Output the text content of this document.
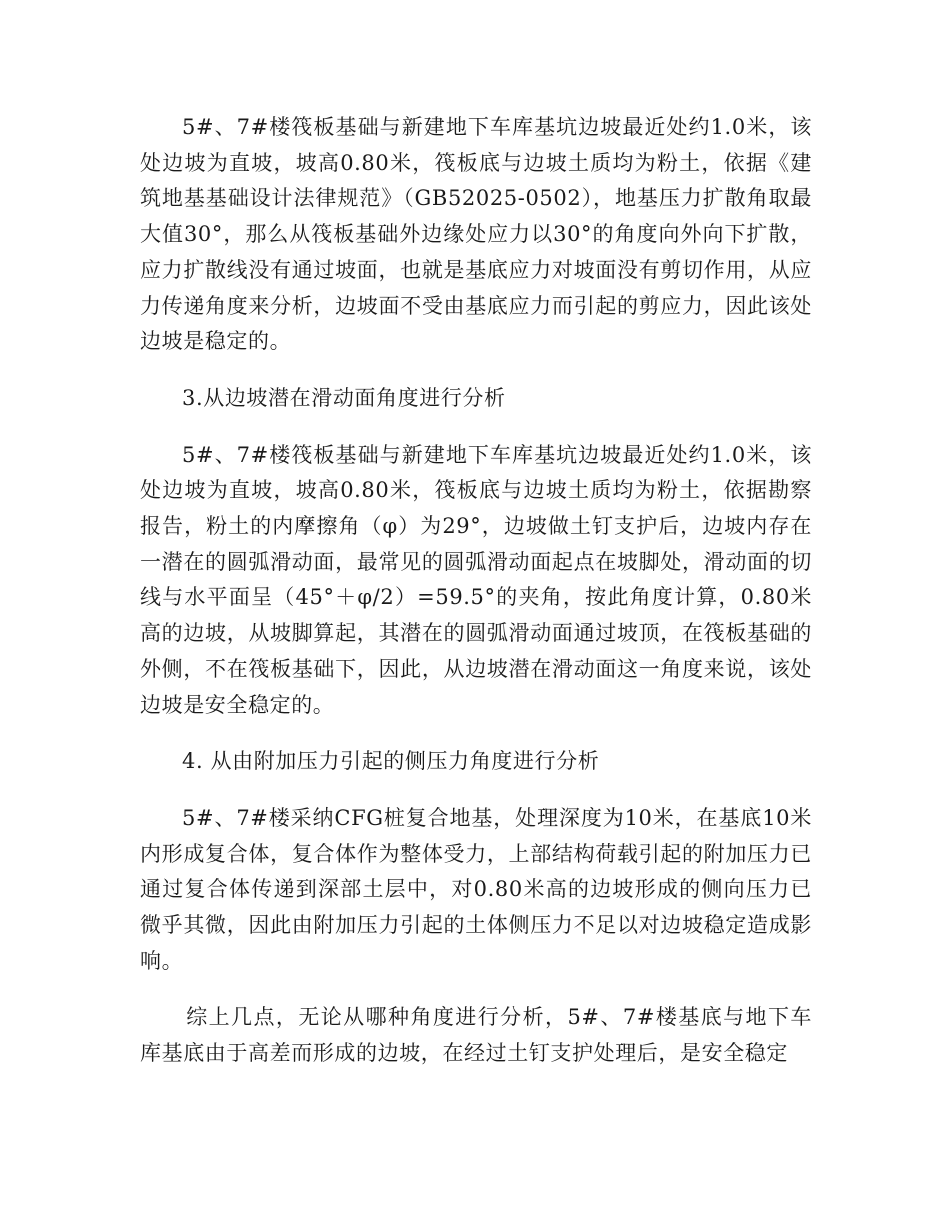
5#、7#楼筏板基础与新建地下车库基坑边坡最近处约1.0米，该处边坡为直坡，坡高0.80米，筏板底与边坡土质均为粉土，依据《建筑地基基础设计法律规范》（GB52025-0502），地基压力扩散角取最大值30°，那么从筏板基础外边缘处应力以30°的角度向外向下扩散，应力扩散线没有通过坡面，也就是基底应力对坡面没有剪切作用，从应力传递角度来分析，边坡面不受由基底应力而引起的剪应力，因此该处边坡是稳定的。

3.从边坡潜在滑动面角度进行分析

5#、7#楼筏板基础与新建地下车库基坑边坡最近处约1.0米，该处边坡为直坡，坡高0.80米，筏板底与边坡土质均为粉土，依据勘察报告，粉土的内摩擦角（φ）为29°，边坡做土钉支护后，边坡内存在一潜在的圆弧滑动面，最常见的圆弧滑动面起点在坡脚处，滑动面的切线与水平面呈（45°＋φ/2）=59.5°的夹角，按此角度计算，0.80米高的边坡，从坡脚算起，其潜在的圆弧滑动面通过坡顶，在筏板基础的外侧，不在筏板基础下，因此，从边坡潜在滑动面这一角度来说，该处边坡是安全稳定的。

4. 从由附加压力引起的侧压力角度进行分析

5#、7#楼采纳CFG桩复合地基，处理深度为10米，在基底10米内形成复合体，复合体作为整体受力，上部结构荷载引起的附加压力已通过复合体传递到深部土层中，对0.80米高的边坡形成的侧向压力已微乎其微，因此由附加压力引起的土体侧压力不足以对边坡稳定造成影响。

综上几点，无论从哪种角度进行分析，5#、7#楼基底与地下车库基底由于高差而形成的边坡，在经过土钉支护处理后，是安全稳定
